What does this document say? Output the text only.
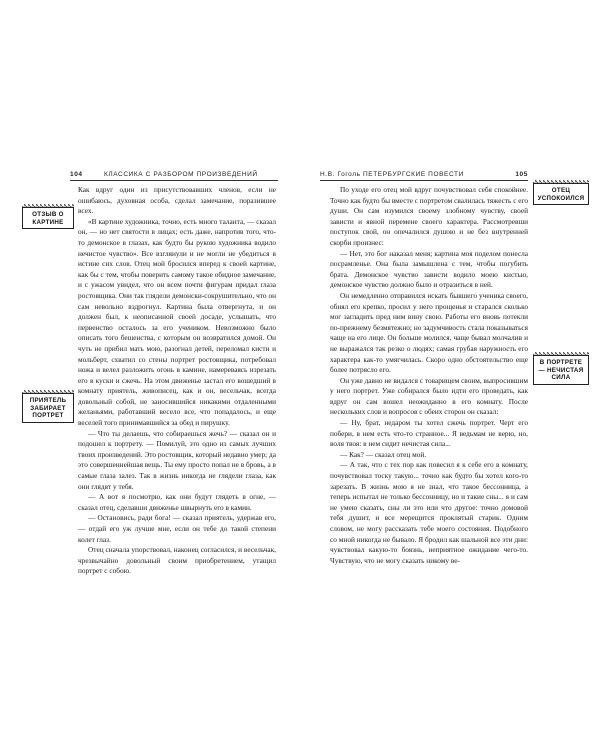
104	КЛАССИКА С РАЗБОРОМ ПРОИЗВЕДЕНИЙ
ОТЗЫВ О КАРТИНЕ
ПРИЯТЕЛЬ ЗАБИРАЕТ ПОРТРЕТ

Как вдруг один из присутствовавших членов, если не ошибаюсь, духовная особа, сделал замечание, поразившее всех.

«В картине художника, точно, есть много таланта, — сказал он, — но нет святости в лицах; есть даже, напротив того, что-то демонское в глазах, как будто бы рукою художника водило нечистое чувство». Все взглянули и не могли не убедиться в истине сих слов. Отец мой бросился вперед к своей картине, как бы с тем, чтобы поверить самому такое обидное замечание, и с ужасом увидел, что он всем почти фигурам придал глаза ростовщика. Они так глядели демонски-сокрушительно, что он сам невольно вздрогнул. Картина была отвергнута, и он должен был, к неописанной своей досаде, услышать, что первенство осталось за его учеником. Невозможно было описать того бешенства, с которым он возвратился домой. Он чуть не прибил мать мою, разогнал детей, переломал кисти и мольберт, схватил со стены портрет ростовщика, потребовал ножа и велел разложить огонь в камине, намереваясь изрезать его в куски и сжечь. На этом движенье застал его вошедший в комнату приятель, живописец, как и он, весельчак, всегда довольный собой, не заносившийся никакими отдаленными желаньями, работавший весело все, что попадалось, и еще веселей того принимавшийся за обед и пирушку.

— Что ты делаешь, что собираешься жечь? — сказал он и подошел к портрету. — Помилуй, это одно из самых лучших твоих произведений. Это ростовщик, который недавно умер; да это совершеннейшая вещь. Ты ему просто попал не в бровь, а в самые глаза залез. Так в жизнь никогда не глядели глаза, как они глядят у тебя.

— А вот я посмотрю, как они будут глядеть в огне, — сказал отец, сделавши движенье швырнуть его в камин.

— Остановись, ради бога! — сказал приятель, удержав его, — отдай его уж лучше мне, если он тебе до такой степени колет глаз.

Отец сначала упорствовал, наконец согласился, и весельчак, чрезвычайно довольный своим приобретением, утащил портрет с собою.

Н.В. Гоголь ПЕТЕРБУРГСКИЕ ПОВЕСТИ	105
ОТЕЦ УСПОКОИЛСЯ
В ПОРТРЕТЕ — НЕЧИСТАЯ СИЛА

По уходе его отец мой вдруг почувствовал себя спокойнее. Точно как будто бы вместе с портретом свалилась тяжесть с его души. Он сам изумился своему злобному чувству, своей зависти и явной перемене своего характера. Рассмотревши поступок свой, он опечалился душою и не без внутренней скорби произнес:

— Нет, это бог наказал меня; картина моя поделом понесла посрамленье. Она была замышлена с тем, чтобы погубить брата. Демонское чувство зависти водило моею кистью, демонское чувство должно было и отразиться в ней.

Он немедленно отправился искать бывшего ученика своего, обнял его крепко, просил у него прощенья и старался сколько мог загладить пред ним вину свою. Работы его вновь потекли по-прежнему безмятежно; но задумчивость стала показываться чаще на его лице. Он больше молился, чаще бывал молчалив и не выражался так резко о людях; самая грубая наружность его характера как-то умягчилась. Скоро одно обстоятельство еще более потрясло его.

Он уже давно не видался с товарищем своим, выпросившим у него портрет. Уже собирался было идти его проведать, как вдруг он сам вошел неожиданно в его комнату. После нескольких слов и вопросов с обеих сторон он сказал:

— Ну, брат, недаром ты хотел сжечь портрет. Черт его побери, в нем есть что-то странное... Я ведьмам не верю, но, воля твоя: в нем сидит нечистая сила...

— Как? — сказал отец мой.

— А так, что с тех пор как повесил я к себе его в комнату, почувствовал тоску такую... точно как будто бы хотел кого-то зарезать. В жизнь мою я не знал, что такое бессонница, а теперь испытал не только бессонницу, но и такие сны... я и сам не умею сказать, сны ли это или что другое: точно домовой тебя душит, и все мерещится проклятый старик. Одним словом, не могу рассказать тебе моего состояния. Подобного со мной никогда не бывало. Я бродил как шальной все эти дни: чувствовал какую-то боязнь, неприятное ожидание чего-то. Чувствую, что не могу сказать никому ве-
